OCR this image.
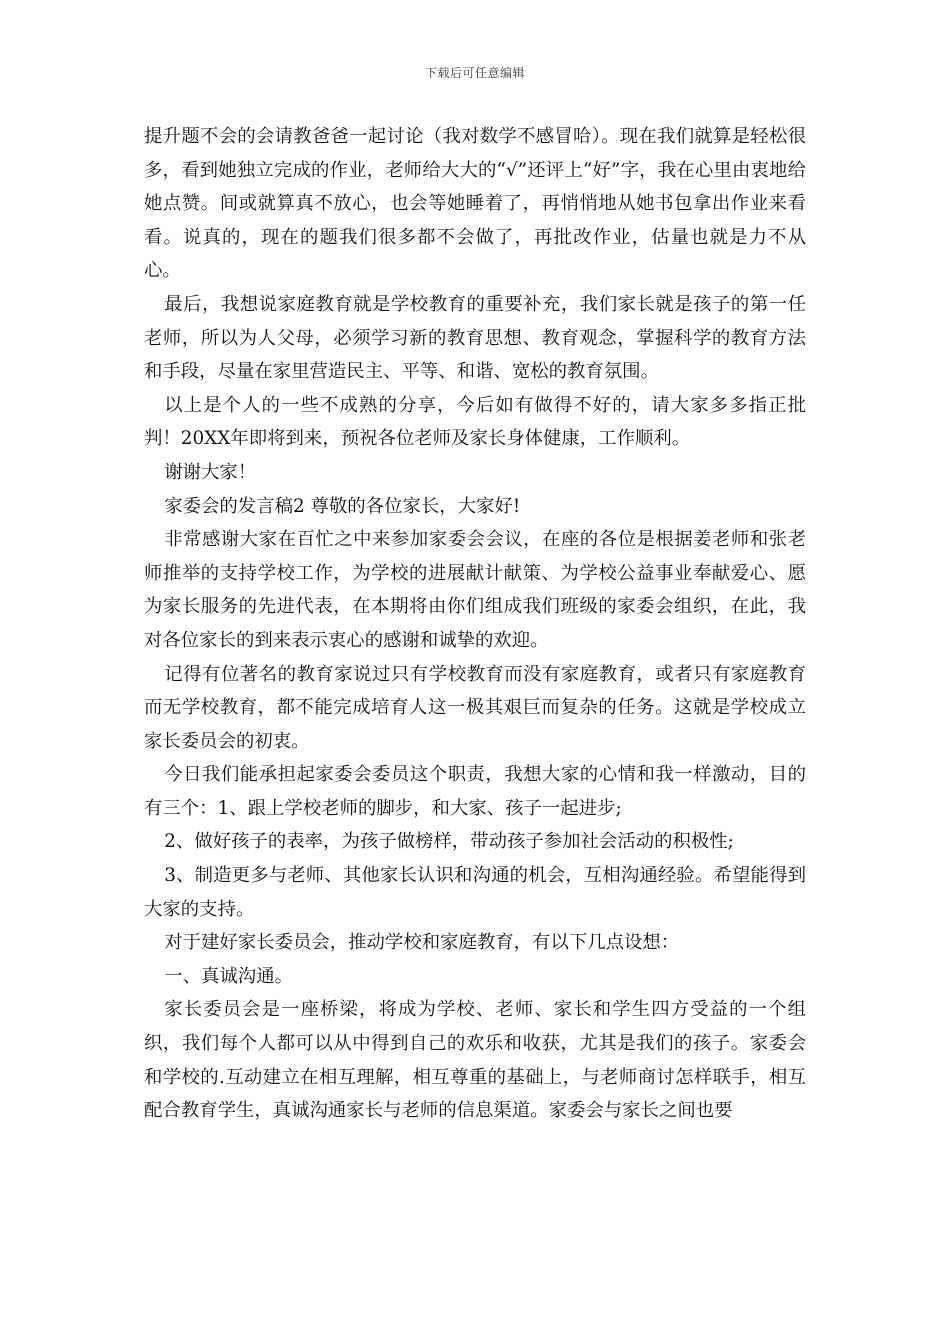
下载后可任意编辑

提升题不会的会请教爸爸一起讨论（我对数学不感冒哈）。现在我们就算是轻松很多，看到她独立完成的作业，老师给大大的“√”还评上“好”字，我在心里由衷地给她点赞。间或就算真不放心，也会等她睡着了，再悄悄地从她书包拿出作业来看看。说真的，现在的题我们很多都不会做了，再批改作业，估量也就是力不从心。

最后，我想说家庭教育就是学校教育的重要补充，我们家长就是孩子的第一任老师，所以为人父母，必须学习新的教育思想、教育观念，掌握科学的教育方法和手段，尽量在家里营造民主、平等、和谐、宽松的教育氛围。

以上是个人的一些不成熟的分享，今后如有做得不好的，请大家多多指正批判！20XX年即将到来，预祝各位老师及家长身体健康，工作顺利。

谢谢大家！

家委会的发言稿2 尊敬的各位家长，大家好!

非常感谢大家在百忙之中来参加家委会会议，在座的各位是根据姜老师和张老师推举的支持学校工作，为学校的进展献计献策、为学校公益事业奉献爱心、愿为家长服务的先进代表，在本期将由你们组成我们班级的家委会组织，在此，我对各位家长的到来表示衷心的感谢和诚挚的欢迎。

记得有位著名的教育家说过只有学校教育而没有家庭教育，或者只有家庭教育而无学校教育，都不能完成培育人这一极其艰巨而复杂的任务。这就是学校成立家长委员会的初衷。

今日我们能承担起家委会委员这个职责，我想大家的心情和我一样激动，目的有三个：1、跟上学校老师的脚步，和大家、孩子一起进步;

2、做好孩子的表率，为孩子做榜样，带动孩子参加社会活动的积极性;

3、制造更多与老师、其他家长认识和沟通的机会，互相沟通经验。希望能得到大家的支持。

对于建好家长委员会，推动学校和家庭教育，有以下几点设想：

一、真诚沟通。

家长委员会是一座桥梁，将成为学校、老师、家长和学生四方受益的一个组织，我们每个人都可以从中得到自己的欢乐和收获，尤其是我们的孩子。家委会和学校的.互动建立在相互理解，相互尊重的基础上，与老师商讨怎样联手，相互配合教育学生，真诚沟通家长与老师的信息渠道。家委会与家长之间也要
